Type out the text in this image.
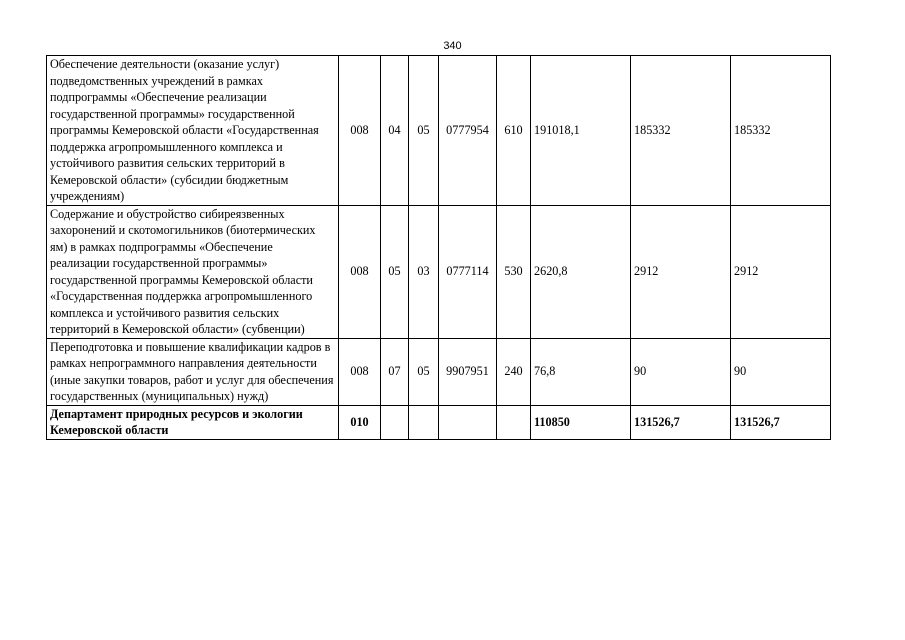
340
Обеспечение деятельности (оказание услуг) подведомственных учреждений в рамках подпрограммы «Обеспечение реализации государственной программы» государственной программы Кемеровской области «Государственная поддержка агропромышленного комплекса и устойчивого развития сельских территорий в Кемеровской области» (субсидии бюджетным учреждениям)	008	04	05	0777954	610	191018,1	185332	185332
Содержание и обустройство сибиреязвенных захоронений и скотомогильников (биотермических ям) в рамках подпрограммы «Обеспечение реализации государственной программы» государственной программы Кемеровской области «Государственная поддержка агропромышленного комплекса и устойчивого развития сельских территорий в Кемеровской области» (субвенции)	008	05	03	0777114	530	2620,8	2912	2912
Переподготовка и повышение квалификации кадров в рамках непрограммного направления деятельности (иные закупки товаров, работ и услуг для обеспечения государственных (муниципальных) нужд)	008	07	05	9907951	240	76,8	90	90
Департамент природных ресурсов и экологии Кемеровской области	010					110850	131526,7	131526,7
